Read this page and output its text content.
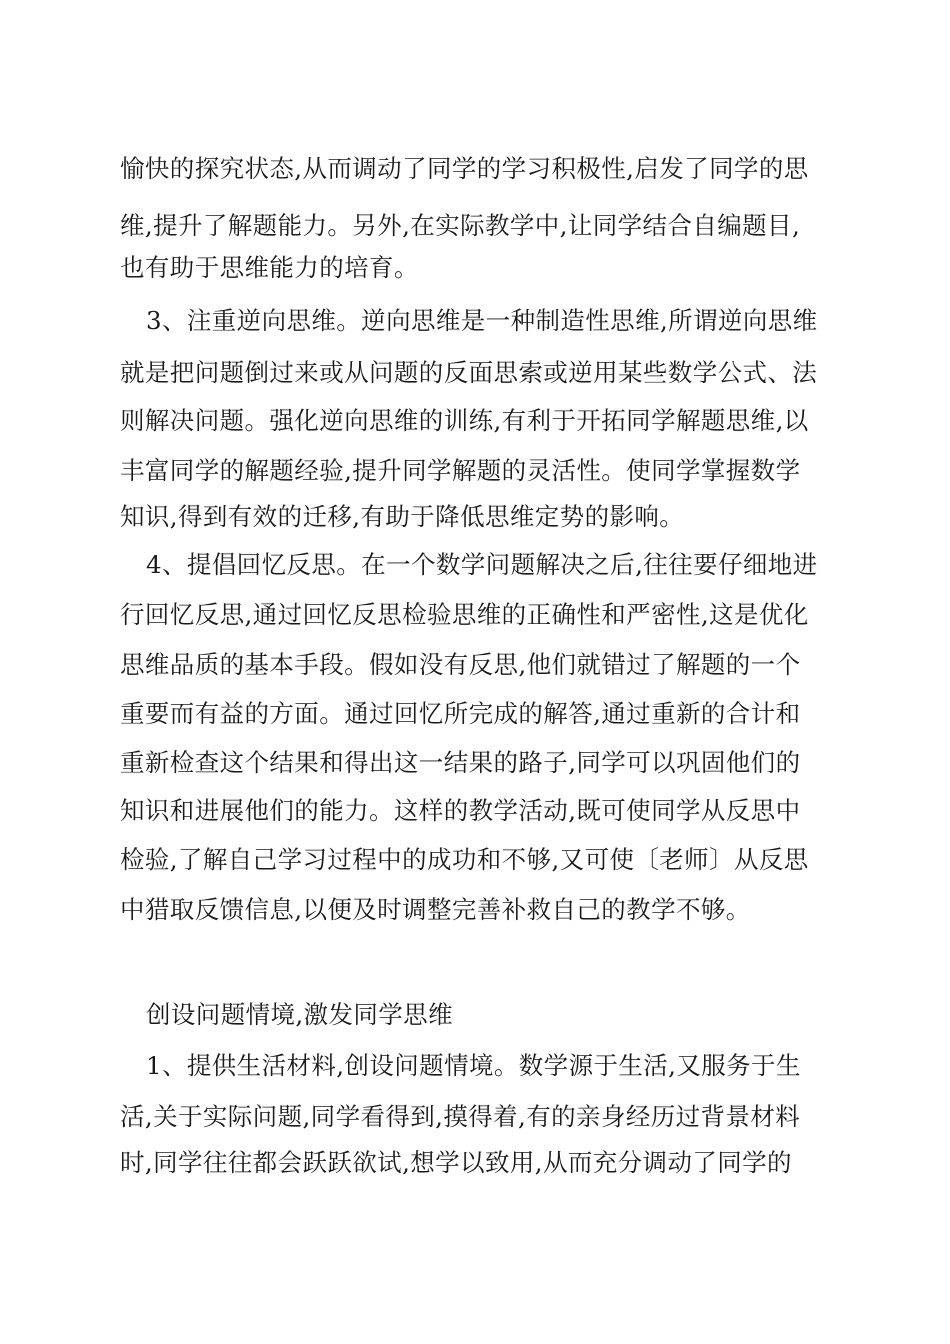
愉快的探究状态,从而调动了同学的学习积极性,启发了同学的思
维,提升了解题能力。另外,在实际教学中,让同学结合自编题目,
也有助于思维能力的培育。
3、注重逆向思维。逆向思维是一种制造性思维,所谓逆向思维
就是把问题倒过来或从问题的反面思索或逆用某些数学公式、法
则解决问题。强化逆向思维的训练,有利于开拓同学解题思维,以
丰富同学的解题经验,提升同学解题的灵活性。使同学掌握数学
知识,得到有效的迁移,有助于降低思维定势的影响。
4、提倡回忆反思。在一个数学问题解决之后,往往要仔细地进
行回忆反思,通过回忆反思检验思维的正确性和严密性,这是优化
思维品质的基本手段。假如没有反思,他们就错过了解题的一个
重要而有益的方面。通过回忆所完成的解答,通过重新的合计和
重新检查这个结果和得出这一结果的路子,同学可以巩固他们的
知识和进展他们的能力。这样的教学活动,既可使同学从反思中
检验,了解自己学习过程中的成功和不够,又可使〔老师〕从反思
中猎取反馈信息,以便及时调整完善补救自己的教学不够。
创设问题情境,激发同学思维
1、提供生活材料,创设问题情境。数学源于生活,又服务于生
活,关于实际问题,同学看得到,摸得着,有的亲身经历过背景材料
时,同学往往都会跃跃欲试,想学以致用,从而充分调动了同学的
